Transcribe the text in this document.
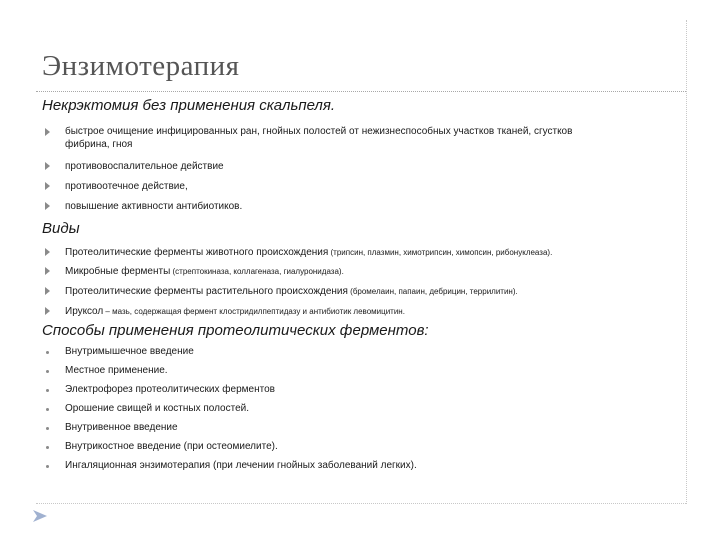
Энзимотерапия
Некрэктомия без применения скальпеля.
быстрое очищение инфицированных ран, гнойных полостей от нежизнеспособных участков тканей, сгустков
фибрина, гноя
противовоспалительное действие
противоотечное действие,
повышение активности антибиотиков.
Виды
Протеолитические ферменты животного происхождения (трипсин, плазмин, химотрипсин, химопсин, рибонуклеаза).
Микробные ферменты (стрептокиназа, коллагеназа, гиалуронидаза).
Протеолитические ферменты растительного происхождения (бромелаин, папаин, дебрицин, террилитин).
Ирукcол – мазь, содержащая фермент клостридилпептидазу и антибиотик левомицитин.
Способы применения протеолитических ферментов:
Внутримышечное введение
Местное применение.
Электрофорез протеолитических ферментов
Орошение свищей и костных полостей.
Внутривенное введение
Внутрикостное введение (при остеомиелите).
Ингаляционная энзимотерапия (при лечении гнойных заболеваний легких).
